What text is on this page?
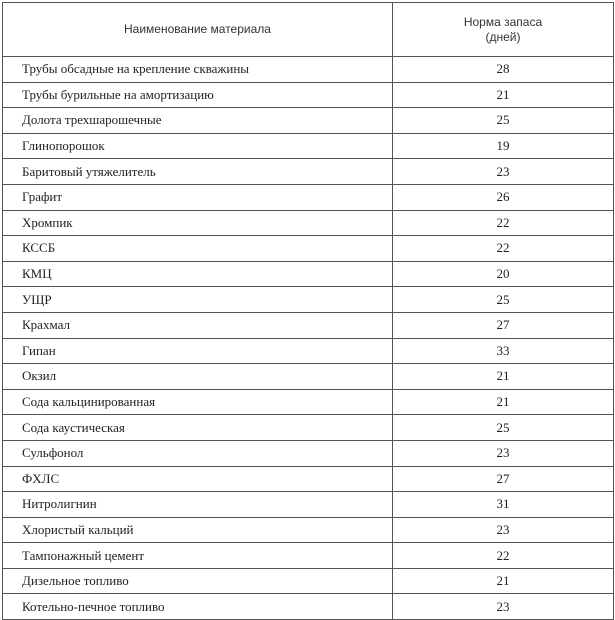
Наименование материала	Норма запаса
(дней)

Трубы обсадные на крепление скважины	28
Трубы бурильные на амортизацию	21
Долота трехшарошечные	25
Глинопорошок	19
Баритовый утяжелитель	23
Графит	26
Хромпик	22
КССБ	22
КМЦ	20
УЩР	25
Крахмал	27
Гипан	33
Окзил	21
Сода кальцинированная	21
Сода каустическая	25
Сульфонол	23
ФХЛС	27
Нитролигнин	31
Хлористый кальций	23
Тампонажный цемент	22
Дизельное топливо	21
Котельно-печное топливо	23
